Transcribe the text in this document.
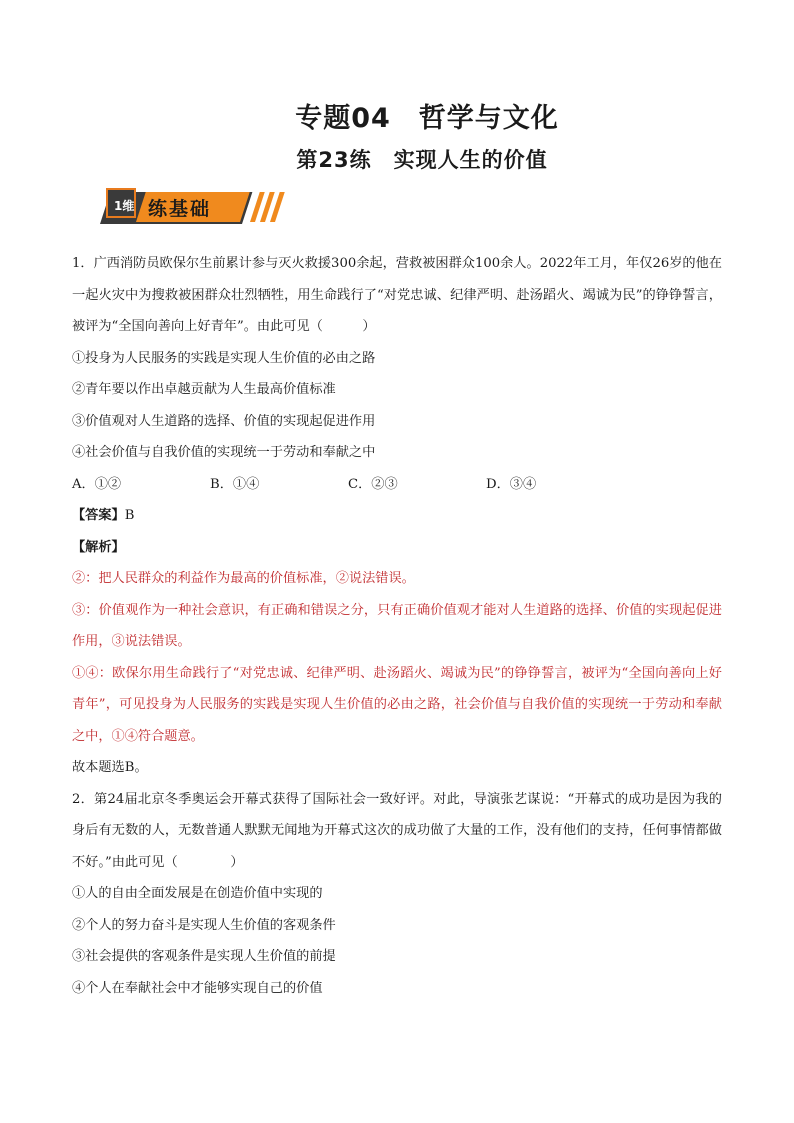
专题04　哲学与文化
第23练　实现人生的价值
1维 练基础

1．广西消防员欧保尔生前累计参与灭火救援300余起，营救被困群众100余人。2022年工月，年仅26岁的他在一起火灾中为搜救被困群众壮烈牺牲，用生命践行了“对党忠诚、纪律严明、赴汤蹈火、竭诚为民”的铮铮誓言，被评为“全国向善向上好青年”。由此可见（　　　）

①投身为人民服务的实践是实现人生价值的必由之路

②青年要以作出卓越贡献为人生最高价值标准

③价值观对人生道路的选择、价值的实现起促进作用

④社会价值与自我价值的实现统一于劳动和奉献之中

A．①②	B．①④	C．②③	D．③④

【答案】B

【解析】

②：把人民群众的利益作为最高的价值标准，②说法错误。

③：价值观作为一种社会意识，有正确和错误之分，只有正确价值观才能对人生道路的选择、价值的实现起促进作用，③说法错误。

①④：欧保尔用生命践行了“对党忠诚、纪律严明、赴汤蹈火、竭诚为民”的铮铮誓言，被评为“全国向善向上好青年”，可见投身为人民服务的实践是实现人生价值的必由之路，社会价值与自我价值的实现统一于劳动和奉献之中，①④符合题意。

故本题选B。

2．第24届北京冬季奥运会开幕式获得了国际社会一致好评。对此，导演张艺谋说：“开幕式的成功是因为我的身后有无数的人，无数普通人默默无闻地为开幕式这次的成功做了大量的工作，没有他们的支持，任何事情都做不好。”由此可见（　　　　）

①人的自由全面发展是在创造价值中实现的

②个人的努力奋斗是实现人生价值的客观条件

③社会提供的客观条件是实现人生价值的前提

④个人在奉献社会中才能够实现自己的价值
